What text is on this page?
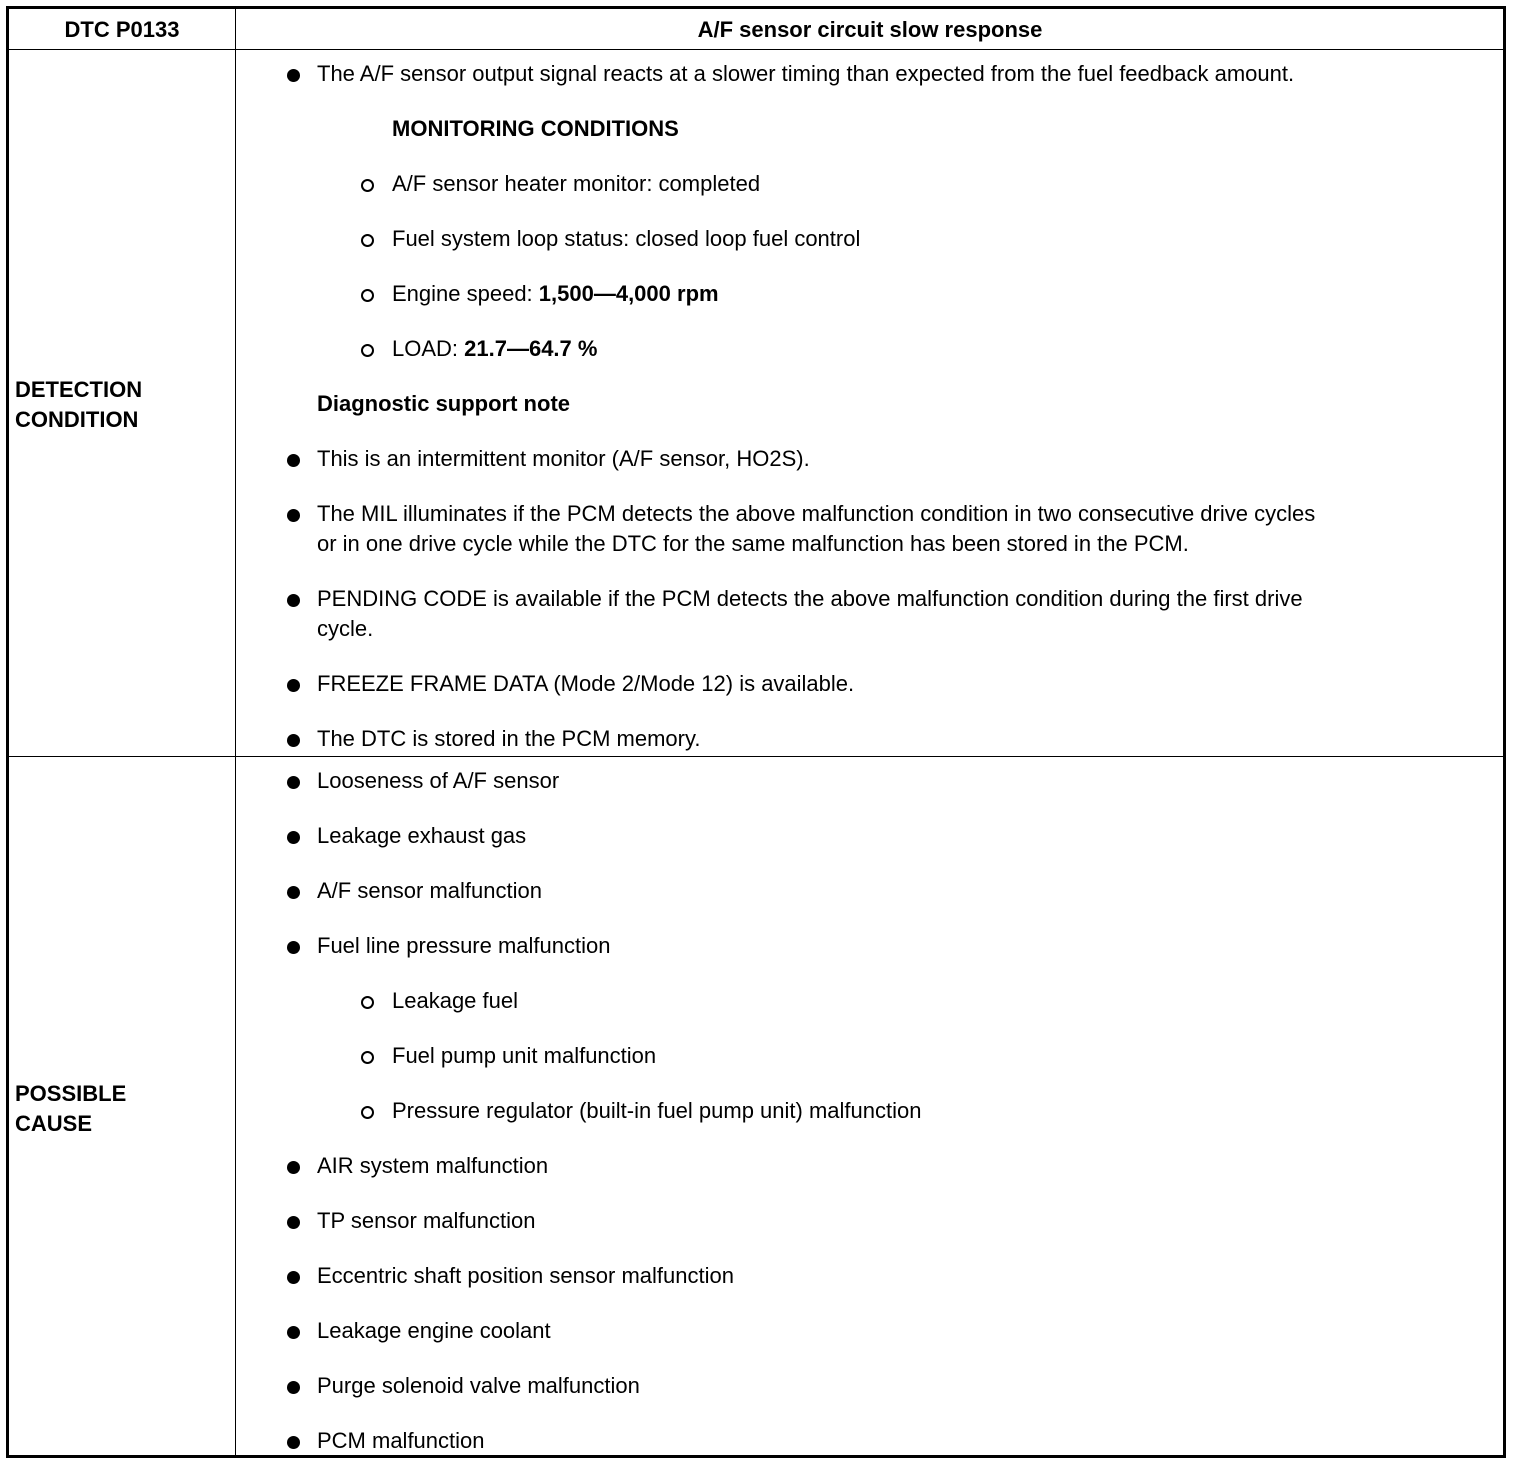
DTC P0133	A/F sensor circuit slow response
DETECTION
CONDITION
The A/F sensor output signal reacts at a slower timing than expected from the fuel feedback amount.
MONITORING CONDITIONS
A/F sensor heater monitor: completed
Fuel system loop status: closed loop fuel control
Engine speed: 1,500—4,000 rpm
LOAD: 21.7—64.7 %
Diagnostic support note
This is an intermittent monitor (A/F sensor, HO2S).
The MIL illuminates if the PCM detects the above malfunction condition in two consecutive drive cycles
or in one drive cycle while the DTC for the same malfunction has been stored in the PCM.
PENDING CODE is available if the PCM detects the above malfunction condition during the first drive
cycle.
FREEZE FRAME DATA (Mode 2/Mode 12) is available.
The DTC is stored in the PCM memory.
POSSIBLE
CAUSE
Looseness of A/F sensor
Leakage exhaust gas
A/F sensor malfunction
Fuel line pressure malfunction
Leakage fuel
Fuel pump unit malfunction
Pressure regulator (built-in fuel pump unit) malfunction
AIR system malfunction
TP sensor malfunction
Eccentric shaft position sensor malfunction
Leakage engine coolant
Purge solenoid valve malfunction
PCM malfunction
